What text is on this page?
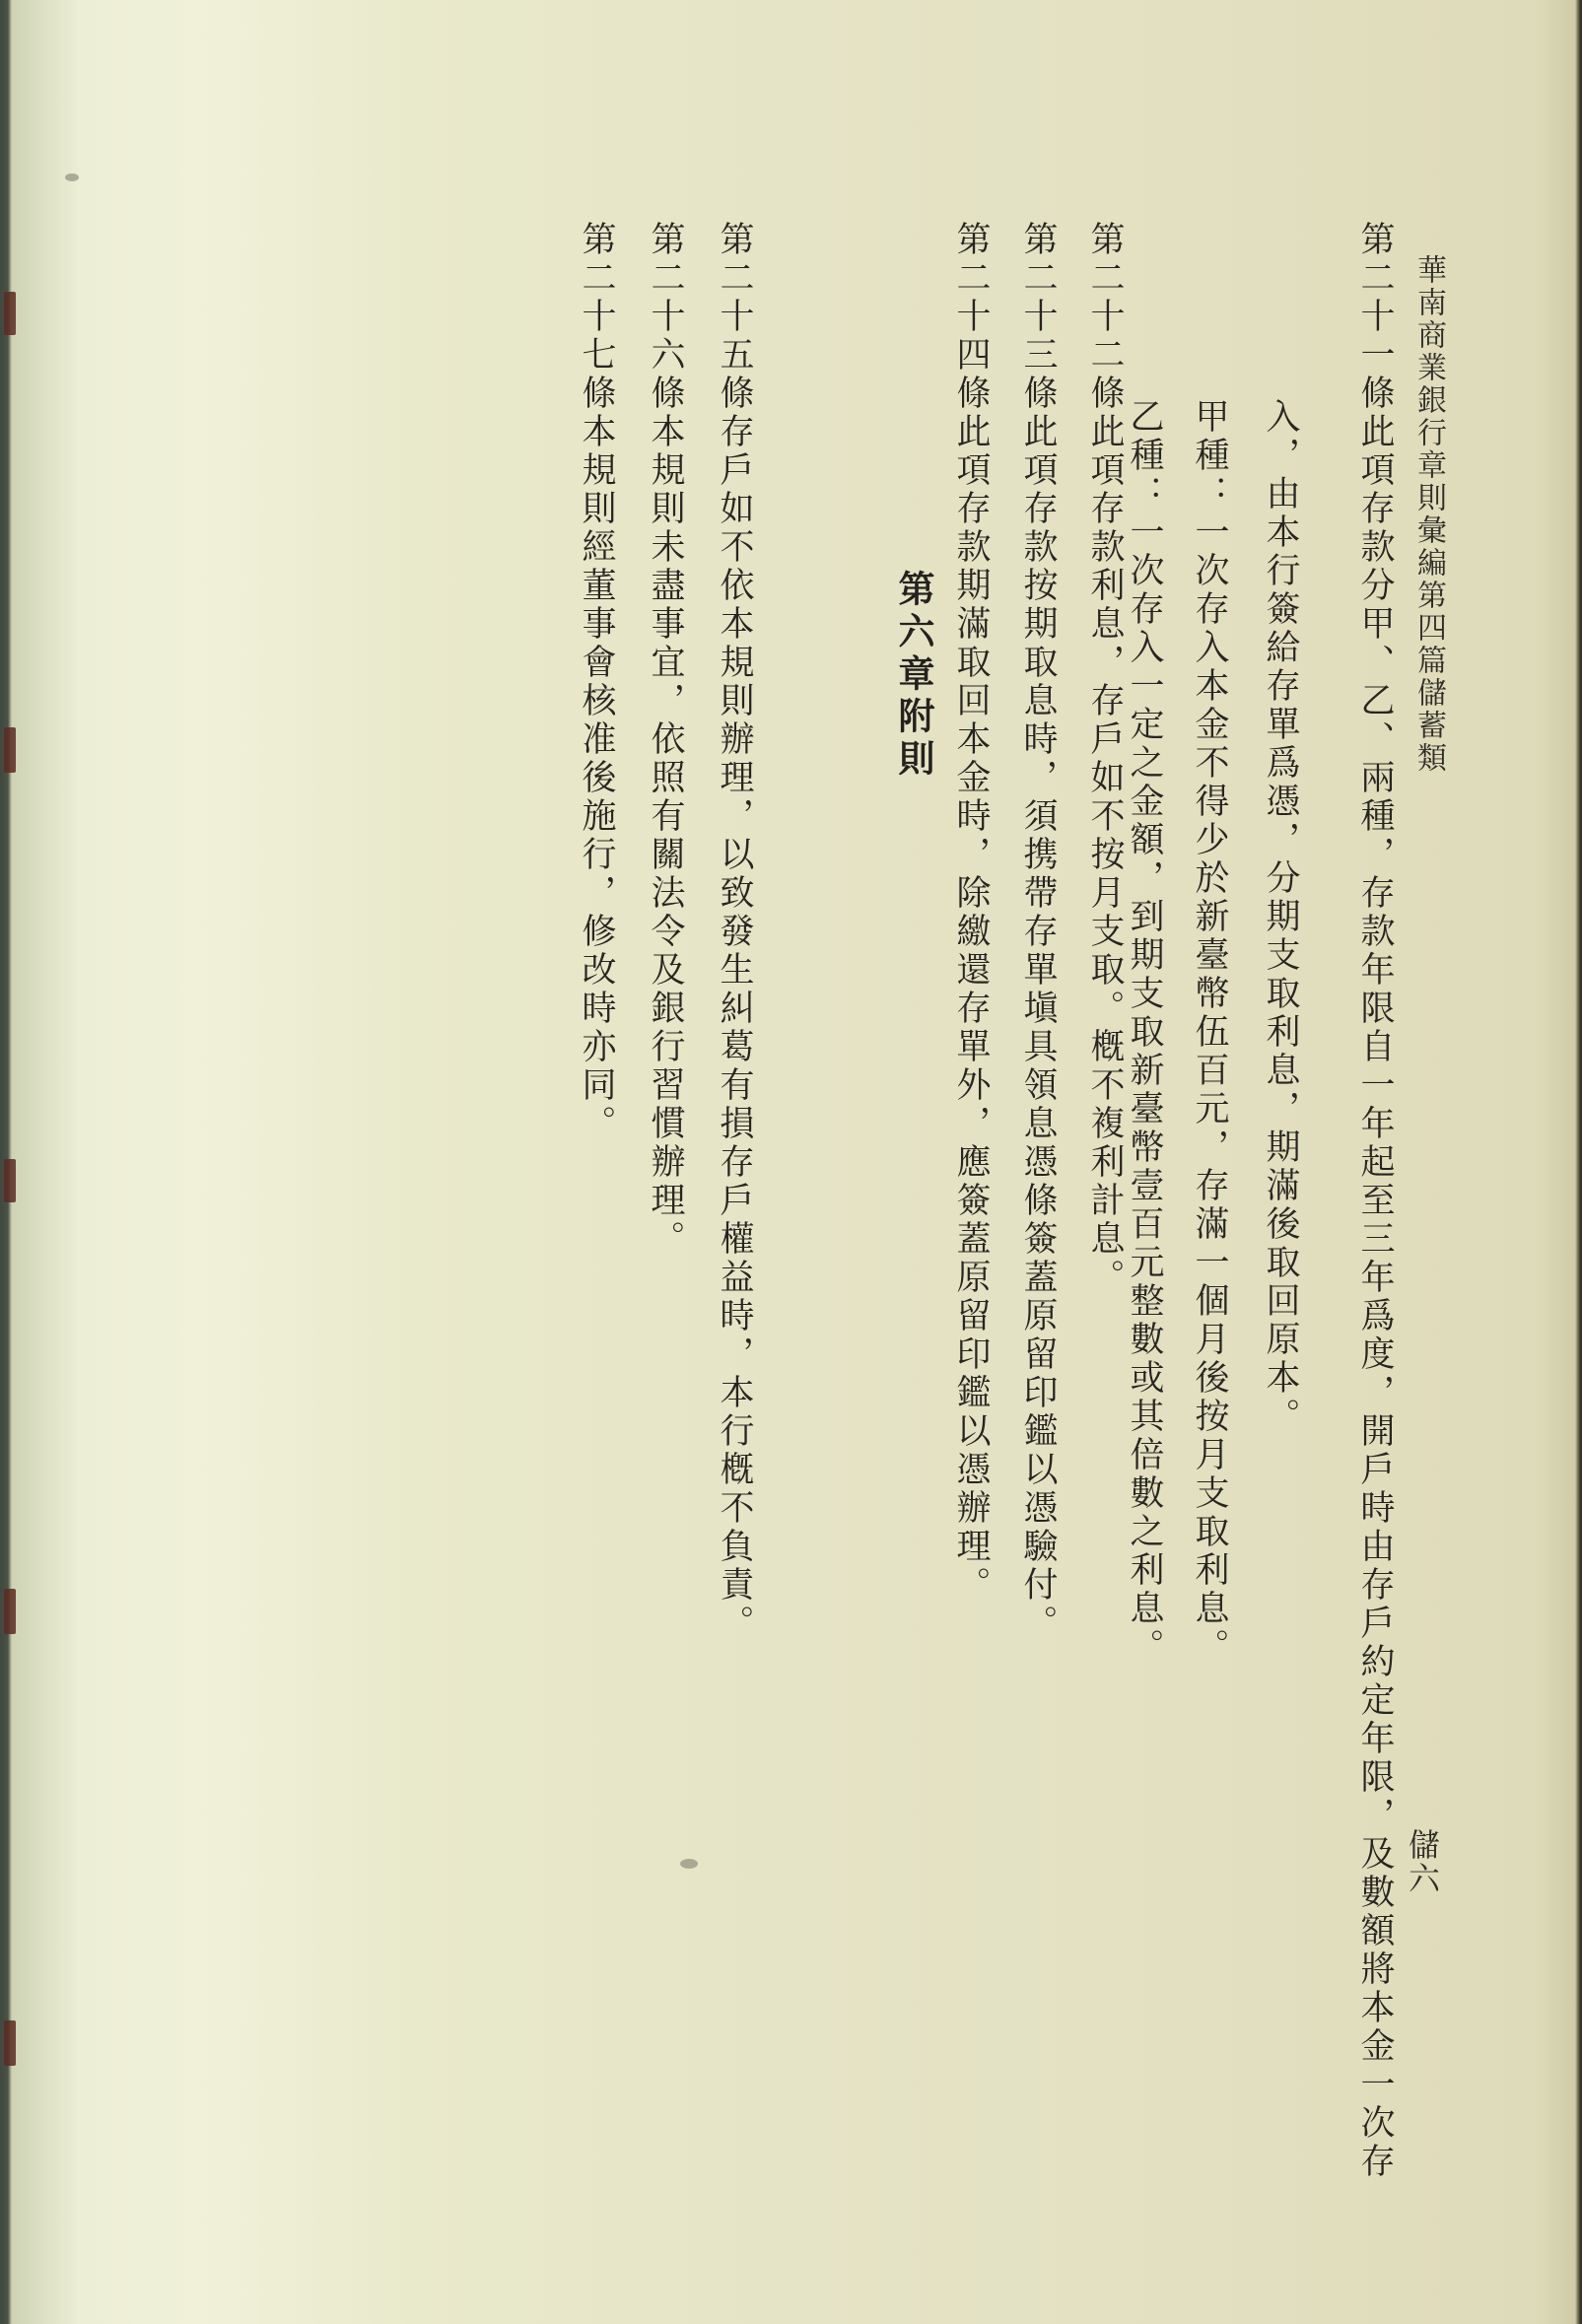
華南商業銀行章則彙編第四篇儲蓄類
儲六
第二十一條此項存款分甲、乙、兩種，存款年限自一年起至三年爲度，開戶時由存戶約定年限，及數額將本金一次存
入，由本行簽給存單爲憑，分期支取利息，期滿後取回原本。
甲種：一次存入本金不得少於新臺幣伍百元，存滿一個月後按月支取利息。
乙種：一次存入一定之金額，到期支取新臺幣壹百元整數或其倍數之利息。
第二十二條此項存款利息，存戶如不按月支取。槪不複利計息。
第二十三條此項存款按期取息時，須携帶存單塡具領息憑條簽蓋原留印鑑以憑驗付。
第二十四條此項存款期滿取回本金時，除繳還存單外，應簽蓋原留印鑑以憑辦理。
第六章附則
第二十五條存戶如不依本規則辦理，以致發生糾葛有損存戶權益時，本行槪不負責。
第二十六條本規則未盡事宜，依照有關法令及銀行習慣辦理。
第二十七條本規則經董事會核准後施行，修改時亦同。
